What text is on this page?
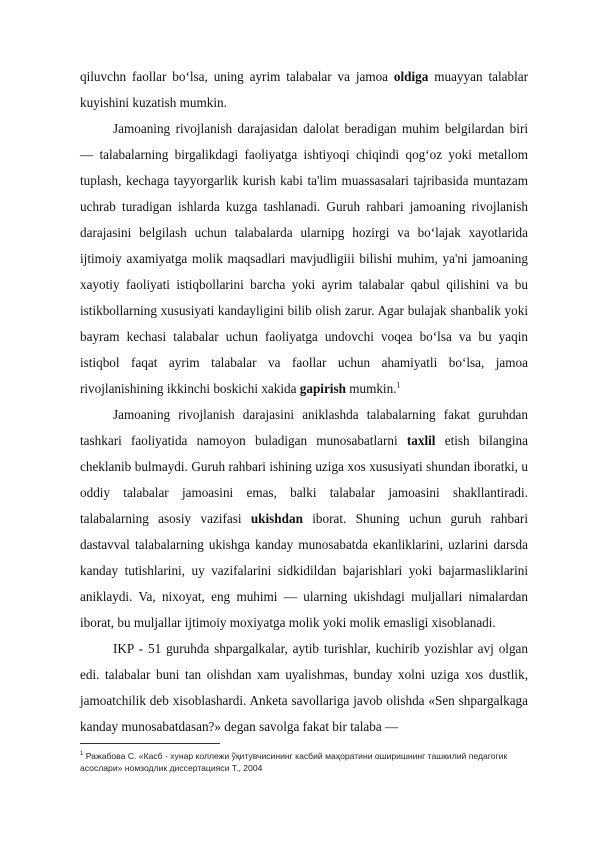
qiluvchn faollar bo‘lsa, uning ayrim talabalar va jamoa oldiga muayyan talablar kuyishini kuzatish mumkin.

Jamoaning rivojlanish darajasidan dalolat beradigan muhim belgilardan biri — talabalarning birgalikdagi faoliyatga ishtiyoqi chiqindi qog‘oz yoki metallom tuplash, kechaga tayyorgarlik kurish kabi ta'lim muassasalari tajribasida muntazam uchrab turadigan ishlarda kuzga tashlanadi. Guruh rahbari jamoaning rivojlanish darajasini belgilash uchun talabalarda ularnipg hozirgi va bo‘lajak xayotlarida ijtimoiy axamiyatga molik maqsadlari mavjudligiii bilishi muhim, ya'ni jamoaning xayotiy faoliyati istiqbollarini barcha yoki ayrim talabalar qabul qilishini va bu istikbollarning xususiyati kandayligini bilib olish zarur. Agar bulajak shanbalik yoki bayram kechasi talabalar uchun faoliyatga undovchi voqea bo‘lsa va bu yaqin istiqbol faqat ayrim talabalar va faollar uchun ahamiyatli bo‘lsa, jamoa rivojlanishining ikkinchi boskichi xakida gapirish mumkin.$^1$

Jamoaning rivojlanish darajasini aniklashda talabalarning fakat guruhdan tashkari faoliyatida namoyon buladigan munosabatlarni taxlil etish bilangina cheklanib bulmaydi. Guruh rahbari ishining uziga xos xususiyati shundan iboratki, u oddiy talabalar jamoasini emas, balki talabalar jamoasini shakllantiradi. talabalarning asosiy vazifasi ukishdan iborat. Shuning uchun guruh rahbari dastavval talabalarning ukishga kanday munosabatda ekanliklarini, uzlarini darsda kanday tutishlarini, uy vazifalarini sidkidildan bajarishlari yoki bajarmasliklarini aniklaydi. Va, nixoyat, eng muhimi — ularning ukishdagi muljallari nimalardan iborat, bu muljallar ijtimoiy moxiyatga molik yoki molik emasligi xisoblanadi.

IKP - 51 guruhda shpargalkalar, aytib turishlar, kuchirib yozishlar avj olgan edi. talabalar buni tan olishdan xam uyalishmas, bunday xolni uziga xos dustlik, jamoatchilik deb xisoblashardi. Anketa savollariga javob olishda «Sen shpargalkaga kanday munosabatdasan?» degan savolga fakat bir talaba —

$^1$ Ражабова С. «Касб - хунар коллежи ўқитувчисининг касбий маҳоратини оширишнинг ташкилий педагогик асослари» номзодлик диссертацияси Т., 2004
